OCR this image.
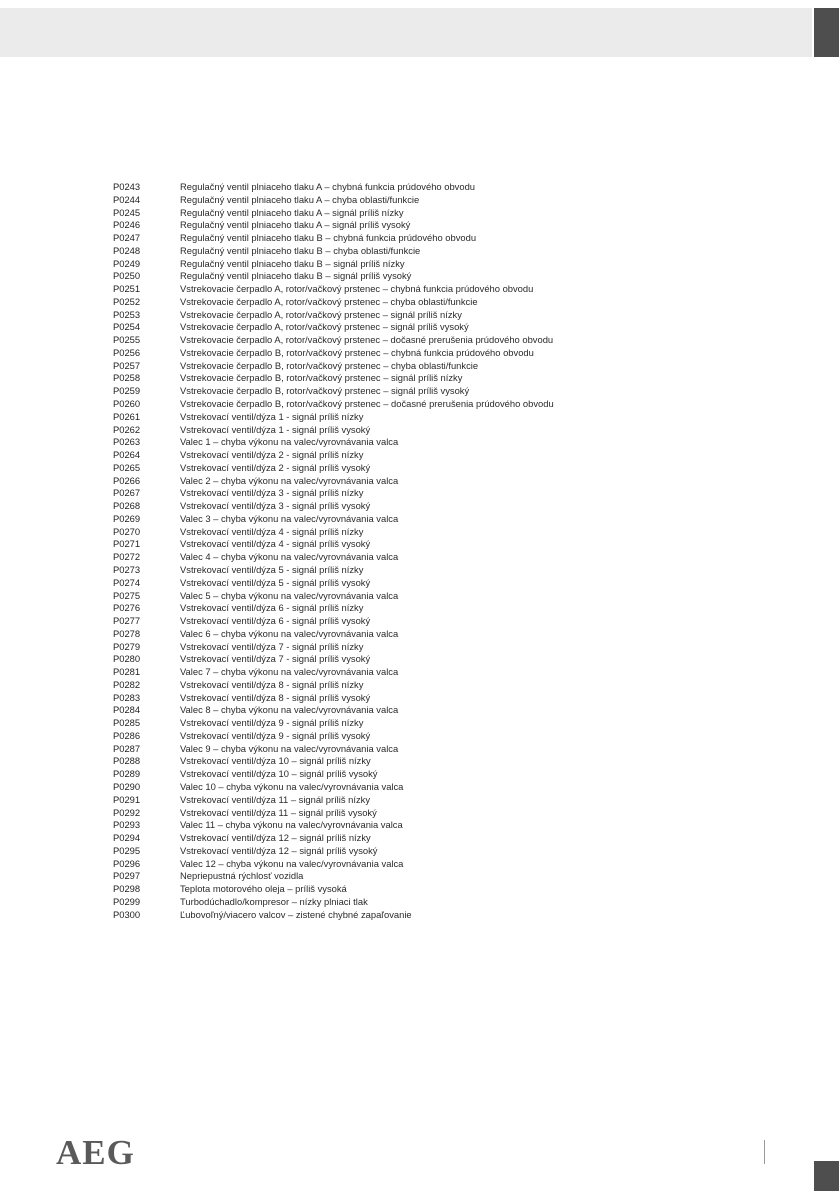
P0243	Regulačný ventil plniaceho tlaku A – chybná funkcia prúdového obvodu
P0244	Regulačný ventil plniaceho tlaku A – chyba oblasti/funkcie
P0245	Regulačný ventil plniaceho tlaku A – signál príliš nízky
P0246	Regulačný ventil plniaceho tlaku A – signál príliš vysoký
P0247	Regulačný ventil plniaceho tlaku B – chybná funkcia prúdového obvodu
P0248	Regulačný ventil plniaceho tlaku B – chyba oblasti/funkcie
P0249	Regulačný ventil plniaceho tlaku B – signál príliš nízky
P0250	Regulačný ventil plniaceho tlaku B – signál príliš vysoký
P0251	Vstrekovacie čerpadlo A, rotor/vačkový prstenec – chybná funkcia prúdového obvodu
P0252	Vstrekovacie čerpadlo A, rotor/vačkový prstenec – chyba oblasti/funkcie
P0253	Vstrekovacie čerpadlo A, rotor/vačkový prstenec – signál príliš nízky
P0254	Vstrekovacie čerpadlo A, rotor/vačkový prstenec – signál príliš vysoký
P0255	Vstrekovacie čerpadlo A, rotor/vačkový prstenec – dočasné prerušenia prúdového obvodu
P0256	Vstrekovacie čerpadlo B, rotor/vačkový prstenec – chybná funkcia prúdového obvodu
P0257	Vstrekovacie čerpadlo B, rotor/vačkový prstenec – chyba oblasti/funkcie
P0258	Vstrekovacie čerpadlo B, rotor/vačkový prstenec – signál príliš nízky
P0259	Vstrekovacie čerpadlo B, rotor/vačkový prstenec – signál príliš vysoký
P0260	Vstrekovacie čerpadlo B, rotor/vačkový prstenec – dočasné prerušenia prúdového obvodu
P0261	Vstrekovací ventil/dýza 1 - signál príliš nízky
P0262	Vstrekovací ventil/dýza 1 - signál príliš vysoký
P0263	Valec 1 – chyba výkonu na valec/vyrovnávania valca
P0264	Vstrekovací ventil/dýza 2 - signál príliš nízky
P0265	Vstrekovací ventil/dýza 2 - signál príliš vysoký
P0266	Valec 2 – chyba výkonu na valec/vyrovnávania valca
P0267	Vstrekovací ventil/dýza 3 - signál príliš nízky
P0268	Vstrekovací ventil/dýza 3 - signál príliš vysoký
P0269	Valec 3 – chyba výkonu na valec/vyrovnávania valca
P0270	Vstrekovací ventil/dýza 4 - signál príliš nízky
P0271	Vstrekovací ventil/dýza 4 - signál príliš vysoký
P0272	Valec 4 – chyba výkonu na valec/vyrovnávania valca
P0273	Vstrekovací ventil/dýza 5 - signál príliš nízky
P0274	Vstrekovací ventil/dýza 5 - signál príliš vysoký
P0275	Valec 5 – chyba výkonu na valec/vyrovnávania valca
P0276	Vstrekovací ventil/dýza 6 - signál príliš nízky
P0277	Vstrekovací ventil/dýza 6 - signál príliš vysoký
P0278	Valec 6 – chyba výkonu na valec/vyrovnávania valca
P0279	Vstrekovací ventil/dýza 7 - signál príliš nízky
P0280	Vstrekovací ventil/dýza 7 - signál príliš vysoký
P0281	Valec 7 – chyba výkonu na valec/vyrovnávania valca
P0282	Vstrekovací ventil/dýza 8 - signál príliš nízky
P0283	Vstrekovací ventil/dýza 8 - signál príliš vysoký
P0284	Valec 8 – chyba výkonu na valec/vyrovnávania valca
P0285	Vstrekovací ventil/dýza 9 - signál príliš nízky
P0286	Vstrekovací ventil/dýza 9 - signál príliš vysoký
P0287	Valec 9 – chyba výkonu na valec/vyrovnávania valca
P0288	Vstrekovací ventil/dýza 10 – signál príliš nízky
P0289	Vstrekovací ventil/dýza 10 – signál príliš vysoký
P0290	Valec 10 – chyba výkonu na valec/vyrovnávania valca
P0291	Vstrekovací ventil/dýza 11 – signál príliš nízky
P0292	Vstrekovací ventil/dýza 11 – signál príliš vysoký
P0293	Valec 11 – chyba výkonu na valec/vyrovnávania valca
P0294	Vstrekovací ventil/dýza 12 – signál príliš nízky
P0295	Vstrekovací ventil/dýza 12 – signál príliš vysoký
P0296	Valec 12 – chyba výkonu na valec/vyrovnávania valca
P0297	Nepriepustná rýchlosť vozidla
P0298	Teplota motorového oleja – príliš vysoká
P0299	Turbodúchadlo/kompresor – nízky plniaci tlak
P0300	Ľubovoľný/viacero valcov – zistené chybné zapaľovanie
AEG
